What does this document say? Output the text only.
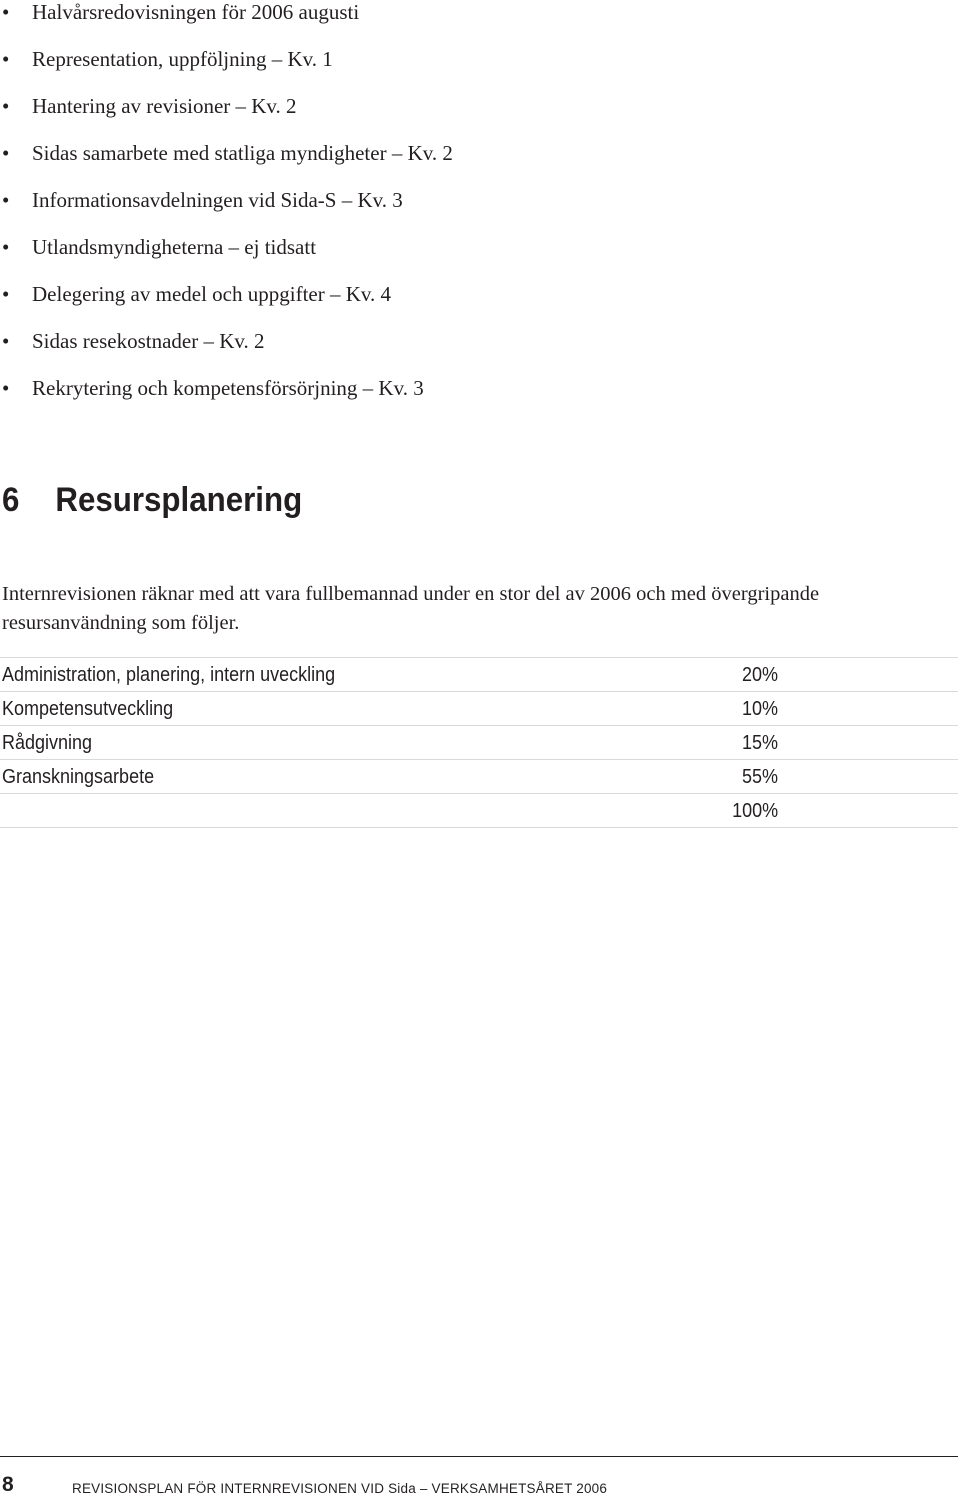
• Halvårsredovisningen för 2006 augusti
• Representation, uppföljning – Kv. 1
• Hantering av revisioner – Kv. 2
• Sidas samarbete med statliga myndigheter – Kv. 2
• Informationsavdelningen vid Sida-S – Kv. 3
• Utlandsmyndigheterna – ej tidsatt
• Delegering av medel och uppgifter – Kv. 4
• Sidas resekostnader – Kv. 2
• Rekrytering och kompetensförsörjning – Kv. 3
6 Resursplanering

Internrevisionen räknar med att vara fullbemannad under en stor del av 2006 och med övergripande resursanvändning som följer.

Administration, planering, intern uveckling	20%
Kompetensutveckling	10%
Rådgivning	15%
Granskningsarbete	55%
100%
8	REVISIONSPLAN FÖR INTERNREVISIONEN VID Sida – VERKSAMHETSÅRET 2006
